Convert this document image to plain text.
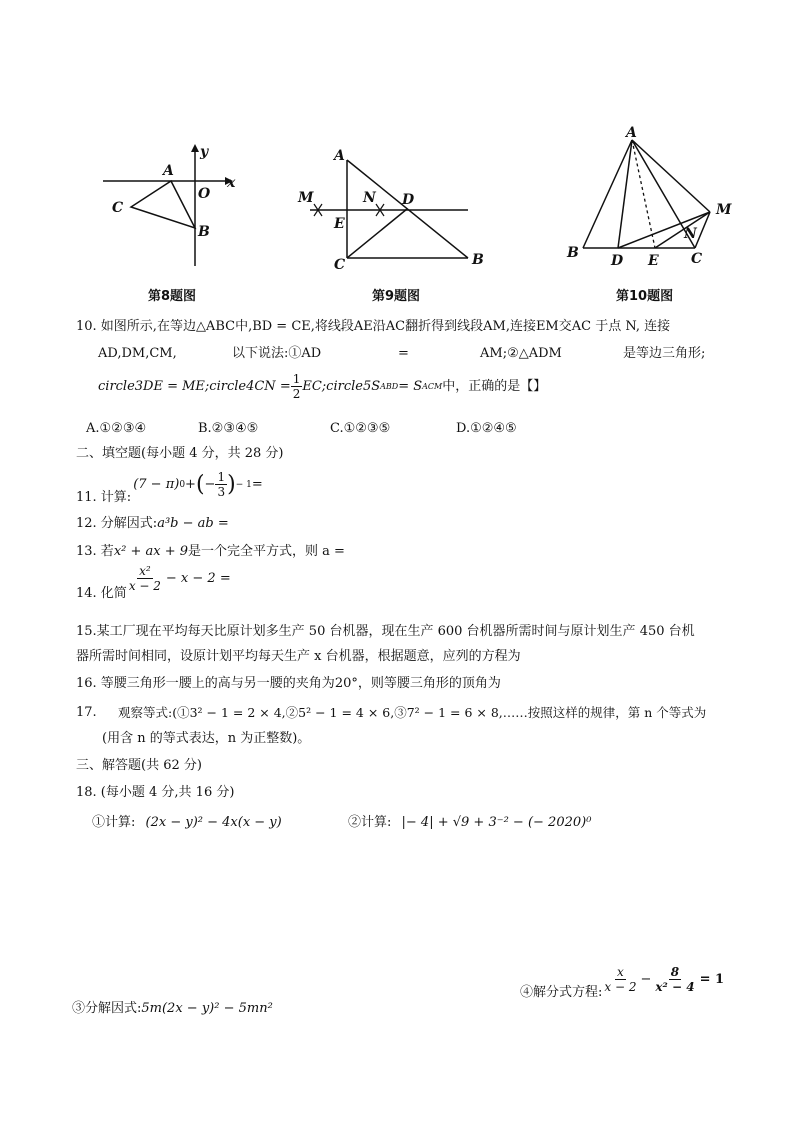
y
x
A
O
C
B
第8题图
A
M	N D
E
C	B
第9题图
A
M
N
B D E C
第10题图
10. 如图所示,在等边△ABC中,BD = CE,将线段AE沿AC翻折得到线段AM,连接EM交AC 于点 N, 连接
AD,DM,CM,	以下说法:①AD	=	AM;②△ADM	是等边三角形;
circle3DE = ME;circle4CN = $\frac{1}{2}$ EC;circle5S ABD = S ACM 中，正确的是【】
A.①②③④	B.②③④⑤	C.①②③⑤	D.①②④⑤
二、填空题(每小题 4 分，共 28 分)
11. 计算:
(7 − π) 0 + ( − $\frac{1}{3}$ ) − 1 =
12. 分解因式:a³b − ab =
13. 若x² + ax + 9是一个完全平方式，则 a =
14. 化简
$\frac{\text{x²}}{x - 2} - x - 2$ =
15.某工厂现在平均每天比原计划多生产 50 台机器，现在生产 600 台机器所需时间与原计划生产 450 台机
器所需时间相同，设原计划平均每天生产 x 台机器，根据题意，应列的方程为
16. 等腰三角形一腰上的高与另一腰的夹角为20°，则等腰三角形的顶角为
17. 观察等式:(①3² − 1 = 2 × 4,②5² − 1 = 4 × 6,③7² − 1 = 6 × 8,……按照这样的规律，第 n 个等式为
(用含 n 的等式表达，n 为正整数)。
三、解答题(共 62 分)
18. (每小题 4 分,共 16 分)
①计算: (2x − y)² − 4x(x − y)	②计算: |− 4| + √9 + 3⁻² − (− 2020)⁰
③分解因式:5m(2x − y)² − 5mn²
④解分式方程: $\frac{x}{x - 2} - \frac{8}{\text{x² − 4}} = 1$
